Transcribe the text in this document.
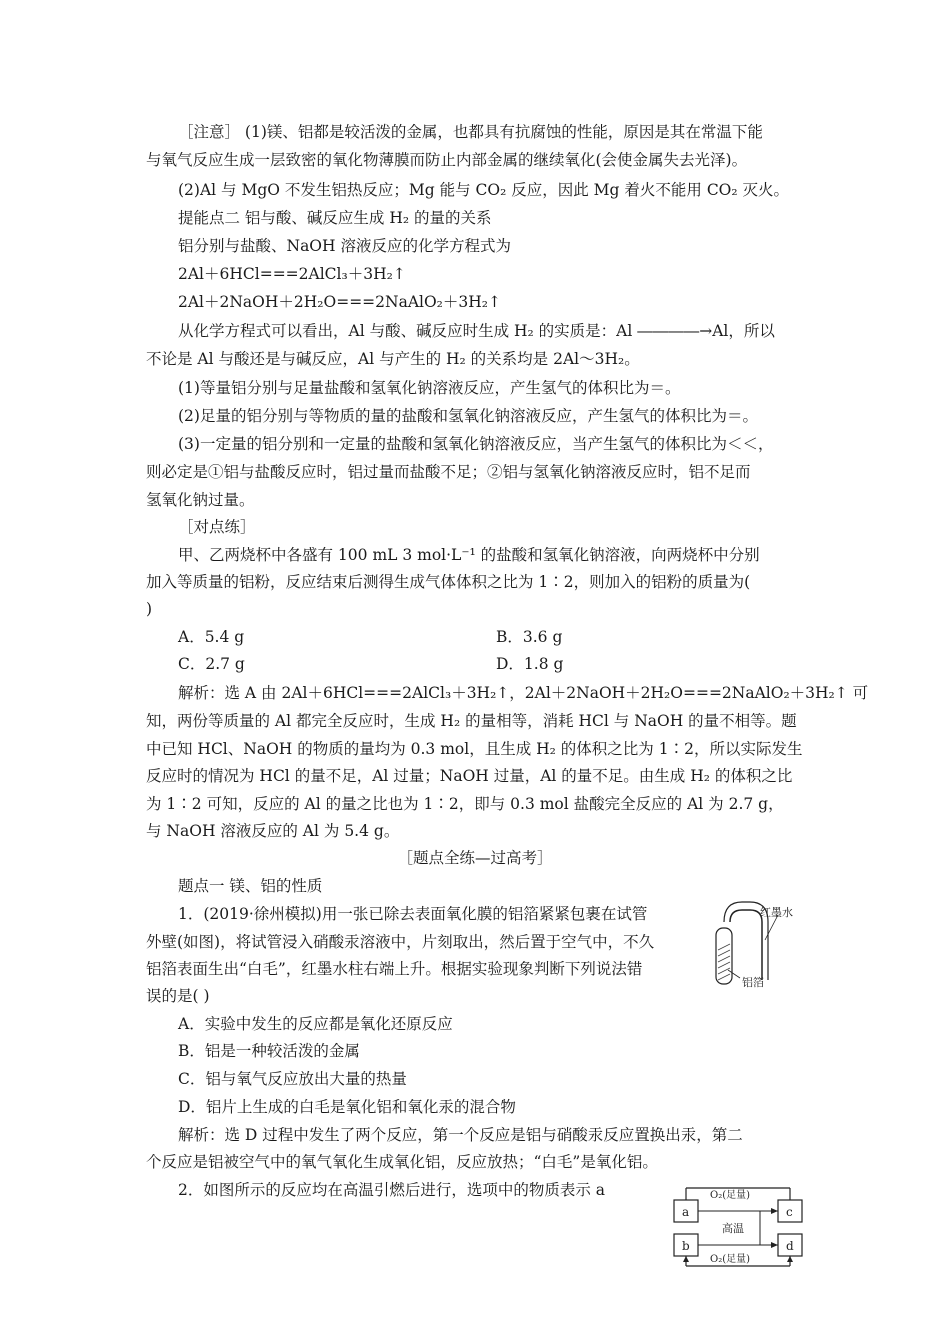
［注意］ (1)镁、铝都是较活泼的金属，也都具有抗腐蚀的性能，原因是其在常温下能
与氧气反应生成一层致密的氧化物薄膜而防止内部金属的继续氧化(会使金属失去光泽)。
(2)Al 与 MgO 不发生铝热反应；Mg 能与 CO₂ 反应，因此 Mg 着火不能用 CO₂ 灭火。
提能点二 铝与酸、碱反应生成 H₂ 的量的关系
铝分别与盐酸、NaOH 溶液反应的化学方程式为
2Al＋6HCl===2AlCl₃＋3H₂↑
2Al＋2NaOH＋2H₂O===2NaAlO₂＋3H₂↑
从化学方程式可以看出，Al 与酸、碱反应时生成 H₂ 的实质是：Al ――――→Al，所以
不论是 Al 与酸还是与碱反应，Al 与产生的 H₂ 的关系均是 2Al～3H₂。
(1)等量铝分别与足量盐酸和氢氧化钠溶液反应，产生氢气的体积比为＝。
(2)足量的铝分别与等物质的量的盐酸和氢氧化钠溶液反应，产生氢气的体积比为＝。
(3)一定量的铝分别和一定量的盐酸和氢氧化钠溶液反应，当产生氢气的体积比为＜＜，
则必定是①铝与盐酸反应时，铝过量而盐酸不足；②铝与氢氧化钠溶液反应时，铝不足而
氢氧化钠过量。
［对点练］
甲、乙两烧杯中各盛有 100 mL 3 mol·L⁻¹ 的盐酸和氢氧化钠溶液，向两烧杯中分别
加入等质量的铝粉，反应结束后测得生成气体体积之比为 1∶2，则加入的铝粉的质量为(
)
A．5.4 g	B．3.6 g
C．2.7 g	D．1.8 g
解析：选 A 由 2Al＋6HCl===2AlCl₃＋3H₂↑，2Al＋2NaOH＋2H₂O===2NaAlO₂＋3H₂↑ 可
知，两份等质量的 Al 都完全反应时，生成 H₂ 的量相等，消耗 HCl 与 NaOH 的量不相等。题
中已知 HCl、NaOH 的物质的量均为 0.3 mol，且生成 H₂ 的体积之比为 1∶2，所以实际发生
反应时的情况为 HCl 的量不足，Al 过量；NaOH 过量，Al 的量不足。由生成 H₂ 的体积之比
为 1∶2 可知，反应的 Al 的量之比也为 1∶2，即与 0.3 mol 盐酸完全反应的 Al 为 2.7 g，
与 NaOH 溶液反应的 Al 为 5.4 g。
［题点全练—过高考］
题点一 镁、铝的性质
1．(2019·徐州模拟)用一张已除去表面氧化膜的铝箔紧紧包裹在试管
外壁(如图)，将试管浸入硝酸汞溶液中，片刻取出，然后置于空气中，不久
铝箔表面生出“白毛”，红墨水柱右端上升。根据实验现象判断下列说法错
误的是( )
A．实验中发生的反应都是氧化还原反应
B．铝是一种较活泼的金属
C．铝与氧气反应放出大量的热量
D．铝片上生成的白毛是氧化铝和氧化汞的混合物
解析：选 D 过程中发生了两个反应，第一个反应是铝与硝酸汞反应置换出汞，第二
个反应是铝被空气中的氧气氧化生成氧化铝，反应放热；“白毛”是氧化铝。
2．如图所示的反应均在高温引燃后进行，选项中的物质表示 a
红墨水
铝箔
a	c
b	d
O₂(足量)
O₂(足量)
高温
